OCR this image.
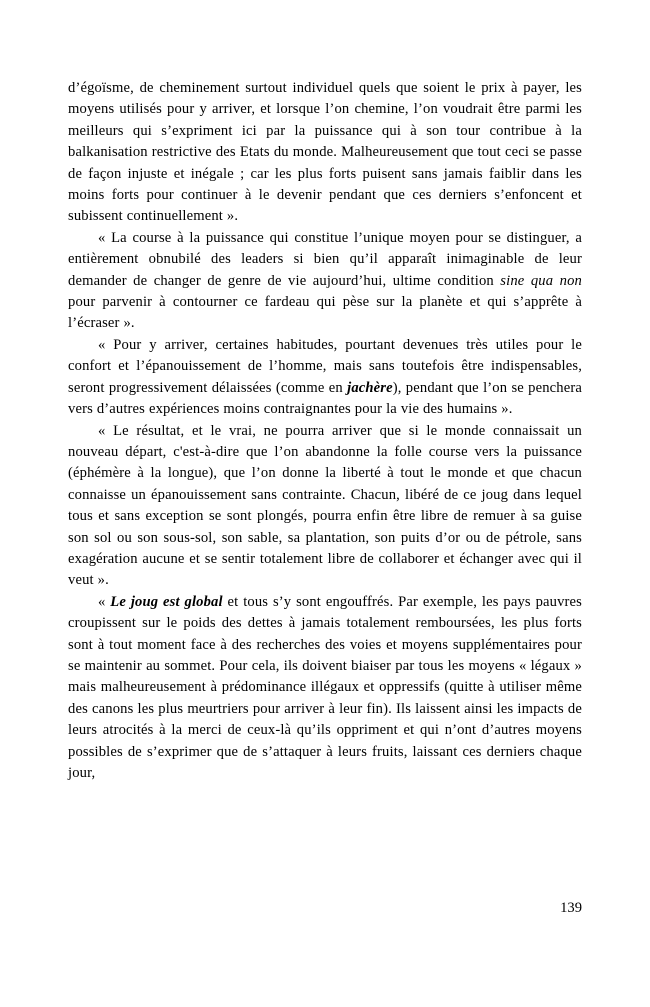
d’égoïsme, de cheminement surtout individuel quels que soient le prix à payer, les moyens utilisés pour y arriver, et lorsque l’on chemine, l’on voudrait être parmi les meilleurs qui s’expriment ici par la puissance qui à son tour contribue à la balkanisation restrictive des Etats du monde. Malheureusement que tout ceci se passe de façon injuste et inégale ; car les plus forts puisent sans jamais faiblir dans les moins forts pour continuer à le devenir pendant que ces derniers s’enfoncent et subissent continuellement ».

« La course à la puissance qui constitue l’unique moyen pour se distinguer, a entièrement obnubilé des leaders si bien qu’il apparaît inimaginable de leur demander de changer de genre de vie aujourd’hui, ultime condition sine qua non pour parvenir à contourner ce fardeau qui pèse sur la planète et qui s’apprête à l’écraser ».

« Pour y arriver, certaines habitudes, pourtant devenues très utiles pour le confort et l’épanouissement de l’homme, mais sans toutefois être indispensables, seront progressivement délaissées (comme en jachère), pendant que l’on se penchera vers d’autres expériences moins contraignantes pour la vie des humains ».

« Le résultat, et le vrai, ne pourra arriver que si le monde connaissait un nouveau départ, c'est-à-dire que l’on abandonne la folle course vers la puissance (éphémère à la longue), que l’on donne la liberté à tout le monde et que chacun connaisse un épanouissement sans contrainte. Chacun, libéré de ce joug dans lequel tous et sans exception se sont plongés, pourra enfin être libre de remuer à sa guise son sol ou son sous-sol, son sable, sa plantation, son puits d’or ou de pétrole, sans exagération aucune et se sentir totalement libre de collaborer et échanger avec qui il veut ».

« Le joug est global et tous s’y sont engouffrés. Par exemple, les pays pauvres croupissent sur le poids des dettes à jamais totalement remboursées, les plus forts sont à tout moment face à des recherches des voies et moyens supplémentaires pour se maintenir au sommet. Pour cela, ils doivent biaiser par tous les moyens « légaux » mais malheureusement à prédominance illégaux et oppressifs (quitte à utiliser même des canons les plus meurtriers pour arriver à leur fin). Ils laissent ainsi les impacts de leurs atrocités à la merci de ceux-là qu’ils oppriment et qui n’ont d’autres moyens possibles de s’exprimer que de s’attaquer à leurs fruits, laissant ces derniers chaque jour,

139
